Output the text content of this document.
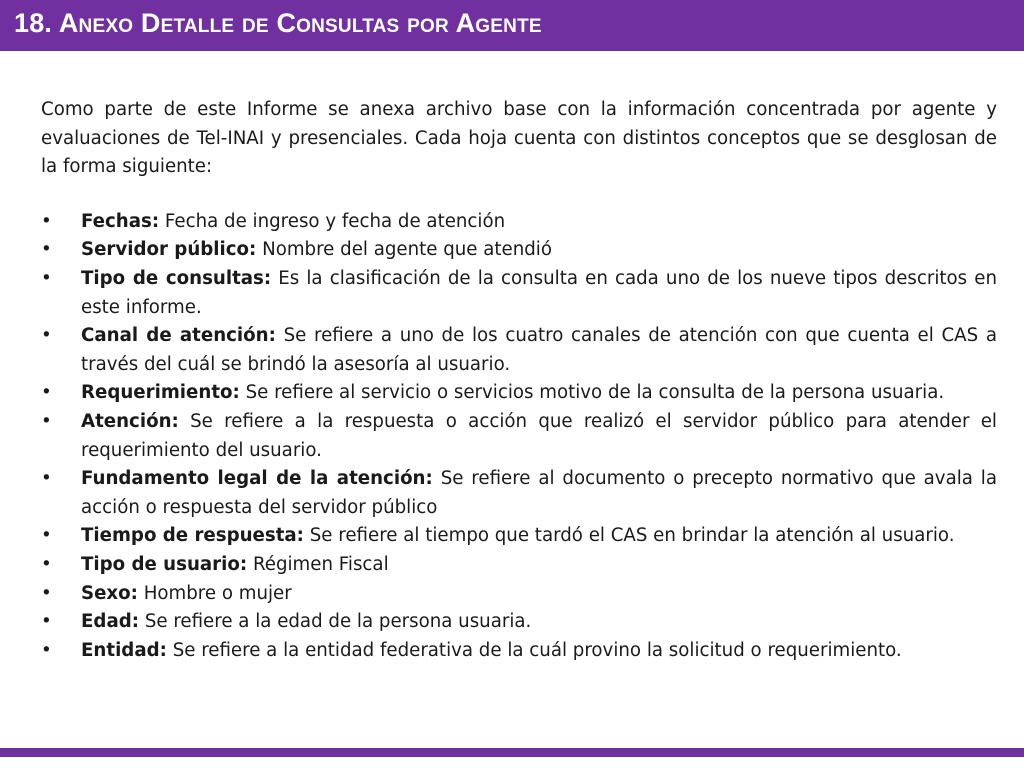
18. Anexo Detalle de Consultas por Agente

Como parte de este Informe se anexa archivo base con la información concentrada por agente y evaluaciones de Tel-INAI y presenciales. Cada hoja cuenta con distintos conceptos que se desglosan de la forma siguiente:

• Fechas: Fecha de ingreso y fecha de atención
• Servidor público: Nombre del agente que atendió
• Tipo de consultas: Es la clasificación de la consulta en cada uno de los nueve tipos descritos en este informe.
• Canal de atención: Se refiere a uno de los cuatro canales de atención con que cuenta el CAS a través del cuál se brindó la asesoría al usuario.
• Requerimiento: Se refiere al servicio o servicios motivo de la consulta de la persona usuaria.
• Atención: Se refiere a la respuesta o acción que realizó el servidor público para atender el requerimiento del usuario.
• Fundamento legal de la atención: Se refiere al documento o precepto normativo que avala la acción o respuesta del servidor público
• Tiempo de respuesta: Se refiere al tiempo que tardó el CAS en brindar la atención al usuario.
• Tipo de usuario: Régimen Fiscal
• Sexo: Hombre o mujer
• Edad: Se refiere a la edad de la persona usuaria.
• Entidad: Se refiere a la entidad federativa de la cuál provino la solicitud o requerimiento.
